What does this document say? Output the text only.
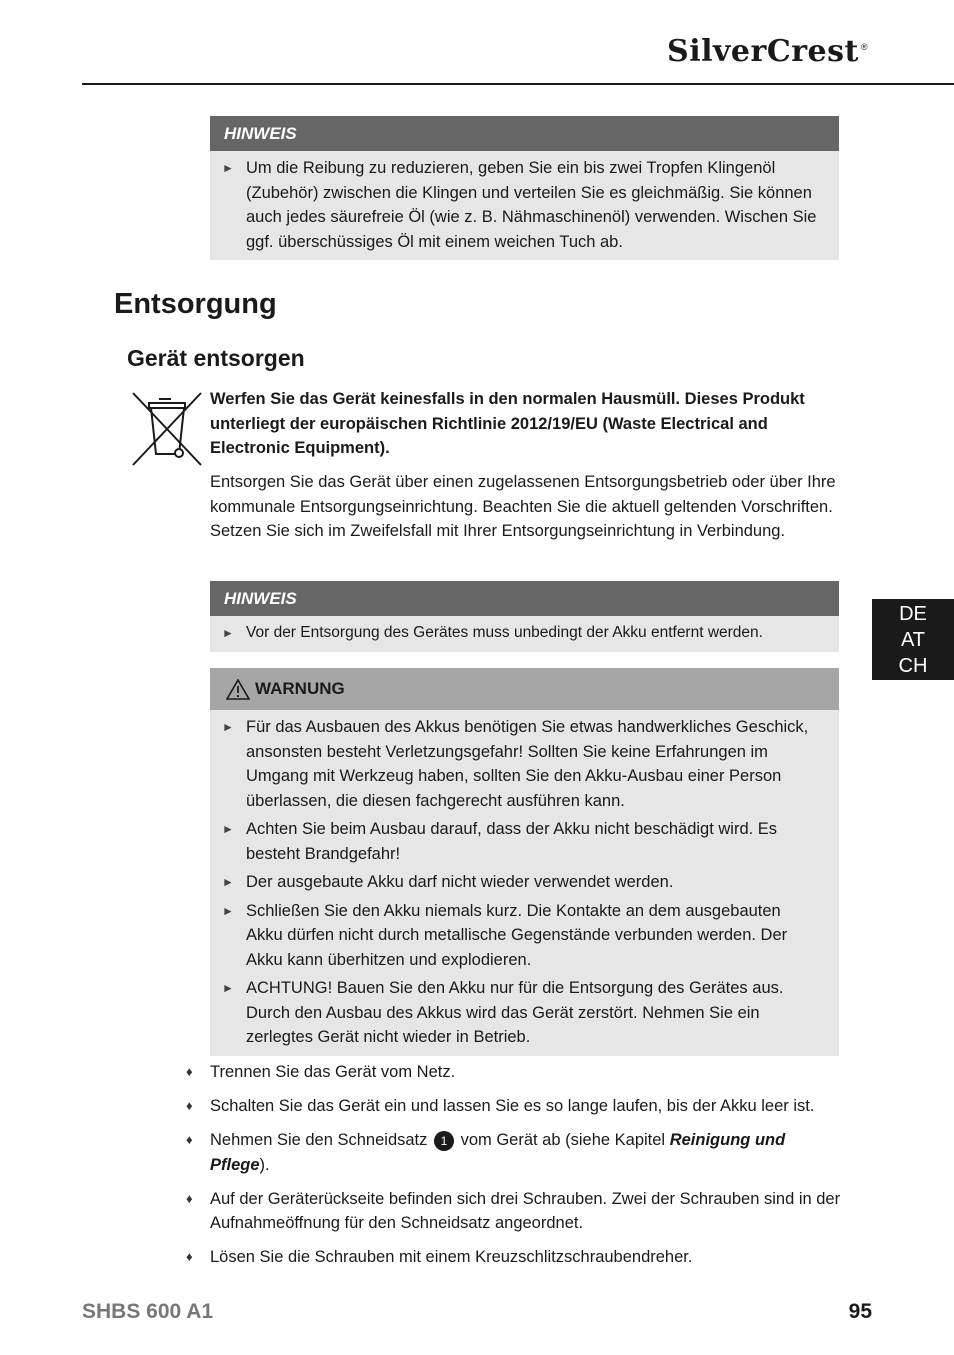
SilverCrest ®
HINWEIS
► Um die Reibung zu reduzieren, geben Sie ein bis zwei Tropfen Klingenöl (Zubehör) zwischen die Klingen und verteilen Sie es gleichmäßig. Sie können auch jedes säurefreie Öl (wie z. B. Nähmaschinenöl) verwenden. Wischen Sie ggf. überschüssiges Öl mit einem weichen Tuch ab.
Entsorgung
Gerät entsorgen
Werfen Sie das Gerät keinesfalls in den normalen Hausmüll. Dieses Produkt unterliegt der europäischen Richtlinie 2012/19/EU (Waste Electrical and Electronic Equipment).
Entsorgen Sie das Gerät über einen zugelassenen Entsorgungsbetrieb oder über Ihre kommunale Entsorgungseinrichtung. Beachten Sie die aktuell geltenden Vorschriften. Setzen Sie sich im Zweifelsfall mit Ihrer Entsorgungseinrichtung in Verbindung.
HINWEIS
► Vor der Entsorgung des Gerätes muss unbedingt der Akku entfernt werden.
WARNUNG
► Für das Ausbauen des Akkus benötigen Sie etwas handwerkliches Geschick, ansonsten besteht Verletzungsgefahr! Sollten Sie keine Erfahrungen im Umgang mit Werkzeug haben, sollten Sie den Akku-Ausbau einer Person überlassen, die diesen fachgerecht ausführen kann.
► Achten Sie beim Ausbau darauf, dass der Akku nicht beschädigt wird. Es besteht Brandgefahr!
► Der ausgebaute Akku darf nicht wieder verwendet werden.
► Schließen Sie den Akku niemals kurz. Die Kontakte an dem ausgebauten Akku dürfen nicht durch metallische Gegenstände verbunden werden. Der Akku kann überhitzen und explodieren.
► ACHTUNG! Bauen Sie den Akku nur für die Entsorgung des Gerätes aus. Durch den Ausbau des Akkus wird das Gerät zerstört. Nehmen Sie ein zerlegtes Gerät nicht wieder in Betrieb.
♦ Trennen Sie das Gerät vom Netz.
♦ Schalten Sie das Gerät ein und lassen Sie es so lange laufen, bis der Akku leer ist.
♦ Nehmen Sie den Schneidsatz 1 vom Gerät ab (siehe Kapitel Reinigung und Pflege).
♦ Auf der Geräterückseite befinden sich drei Schrauben. Zwei der Schrauben sind in der Aufnahmeöffnung für den Schneidsatz angeordnet.
♦ Lösen Sie die Schrauben mit einem Kreuzschlitzschraubendreher.
DE
AT
CH
SHBS 600 A1	95
